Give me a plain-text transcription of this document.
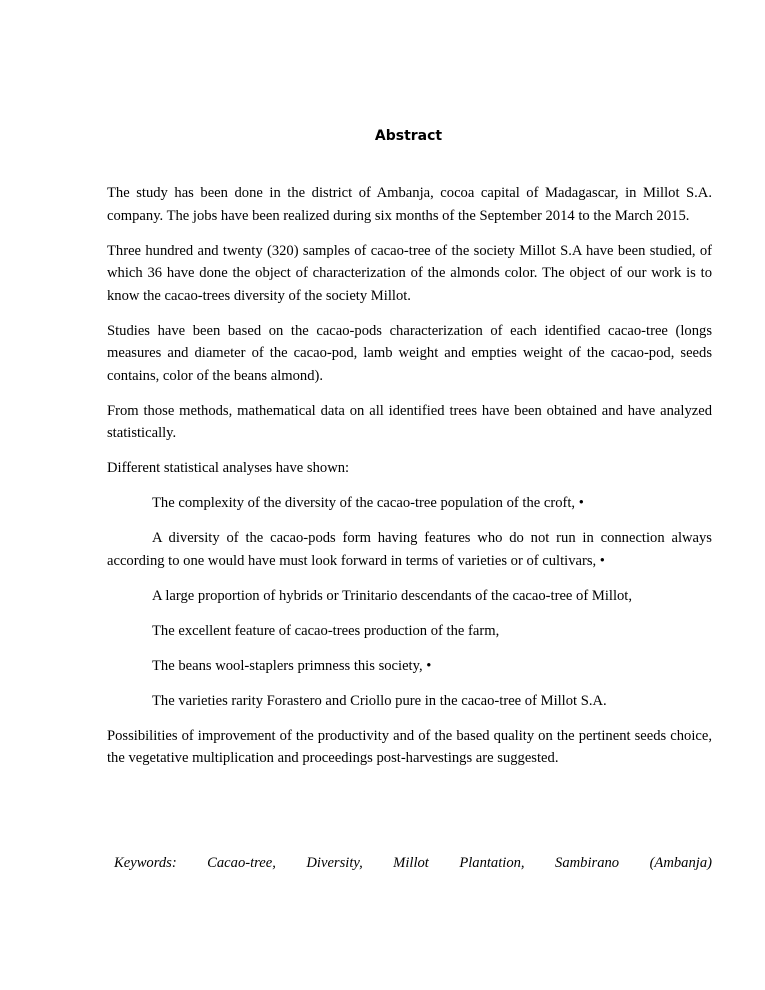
Abstract

The study has been done in the district of Ambanja, cocoa capital of Madagascar, in Millot S.A. company. The jobs have been realized during six months of the September 2014 to the March 2015.

Three hundred and twenty (320) samples of cacao-tree of the society Millot S.A have been studied, of which 36 have done the object of characterization of the almonds color. The object of our work is to know the cacao-trees diversity of the society Millot.

Studies have been based on the cacao-pods characterization of each identified cacao-tree (longs measures and diameter of the cacao-pod, lamb weight and empties weight of the cacao-pod, seeds contains, color of the beans almond).

From those methods, mathematical data on all identified trees have been obtained and have analyzed statistically.

Different statistical analyses have shown:

The complexity of the diversity of the cacao-tree population of the croft, •

A diversity of the cacao-pods form having features who do not run in connection always according to one would have must look forward in terms of varieties or of cultivars, •

A large proportion of hybrids or Trinitario descendants of the cacao-tree of Millot,

The excellent feature of cacao-trees production of the farm,

The beans wool-staplers primness this society, •

The varieties rarity Forastero and Criollo pure in the cacao-tree of Millot S.A.

Possibilities of improvement of the productivity and of the based quality on the pertinent seeds choice, the vegetative multiplication and proceedings post-harvestings are suggested.

Keywords: Cacao-tree, Diversity, Millot Plantation, Sambirano (Ambanja)
